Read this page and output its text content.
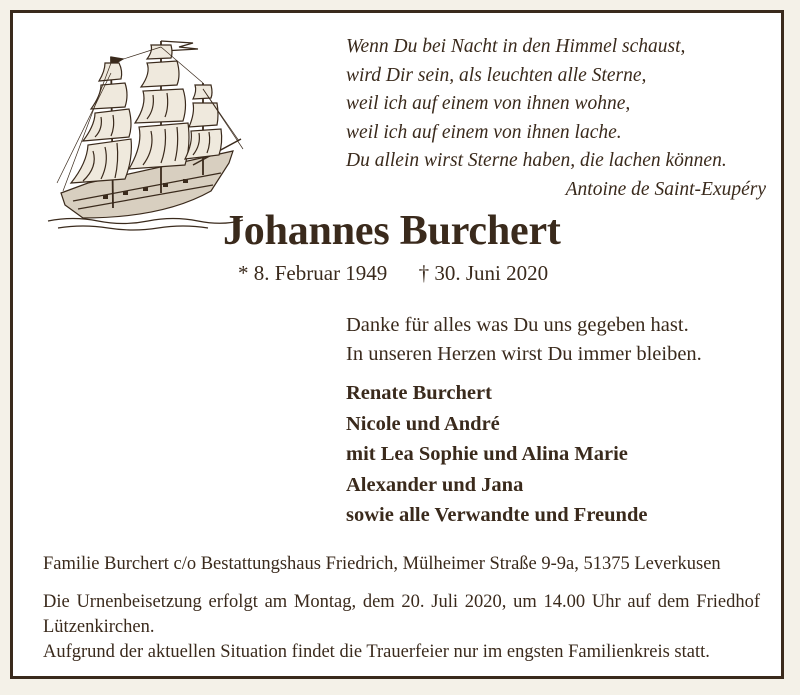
Wenn Du bei Nacht in den Himmel schaust,
wird Dir sein, als leuchten alle Sterne,
weil ich auf einem von ihnen wohne,
weil ich auf einem von ihnen lache.
Du allein wirst Sterne haben, die lachen können.
Antoine de Saint-Exupéry
Johannes Burchert
* 8. Februar 1949 † 30. Juni 2020
Danke für alles was Du uns gegeben hast.
In unseren Herzen wirst Du immer bleiben.
Renate Burchert
Nicole und André
mit Lea Sophie und Alina Marie
Alexander und Jana
sowie alle Verwandte und Freunde
Familie Burchert c/o Bestattungshaus Friedrich, Mülheimer Straße 9-9a, 51375 Leverkusen
Die Urnenbeisetzung erfolgt am Montag, dem 20. Juli 2020, um 14.00 Uhr auf dem Friedhof Lützenkirchen.
Aufgrund der aktuellen Situation findet die Trauerfeier nur im engsten Familienkreis statt.
